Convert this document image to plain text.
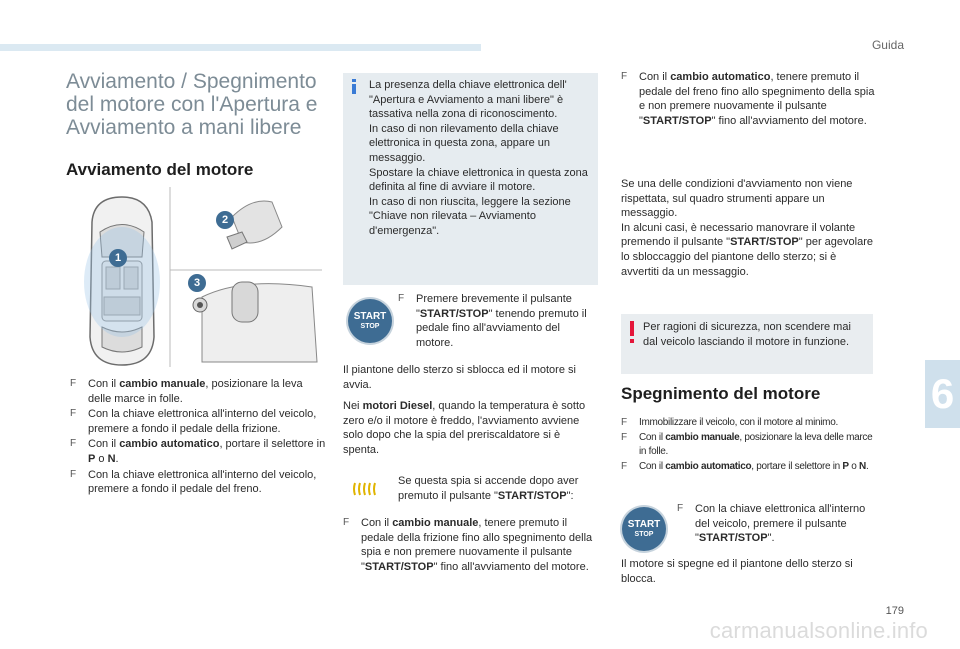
Guida
Avviamento / Spegnimento del motore con l'Apertura e Avviamento a mani libere
Avviamento del motore
1
2
3
F Con il cambio manuale, posizionare la leva delle marce in folle.
F Con la chiave elettronica all'interno del veicolo, premere a fondo il pedale della frizione.
F Con il cambio automatico, portare il selettore in P o N.
F Con la chiave elettronica all'interno del veicolo, premere a fondo il pedale del freno.
La presenza della chiave elettronica dell' "Apertura e Avviamento a mani libere" è tassativa nella zona di riconoscimento.
In caso di non rilevamento della chiave elettronica in questa zona, appare un messaggio.
Spostare la chiave elettronica in questa zona definita al fine di avviare il motore.
In caso di non riuscita, leggere la sezione "Chiave non rilevata – Avviamento d'emergenza".
START
STOP
F Premere brevemente il pulsante "START/STOP" tenendo premuto il pedale fino all'avviamento del motore.
Il piantone dello sterzo si sblocca ed il motore si avvia.
Nei motori Diesel, quando la temperatura è sotto zero e/o il motore è freddo, l'avviamento avviene solo dopo che la spia del preriscaldatore si è spenta.
Se questa spia si accende dopo aver premuto il pulsante "START/STOP":
F Con il cambio manuale, tenere premuto il pedale della frizione fino allo spegnimento della spia e non premere nuovamente il pulsante "START/STOP" fino all'avviamento del motore.
F Con il cambio automatico, tenere premuto il pedale del freno fino allo spegnimento della spia e non premere nuovamente il pulsante "START/STOP" fino all'avviamento del motore.
Se una delle condizioni d'avviamento non viene rispettata, sul quadro strumenti appare un messaggio.
In alcuni casi, è necessario manovrare il volante premendo il pulsante "START/STOP" per agevolare lo sbloccaggio del piantone dello sterzo; si è avvertiti da un messaggio.
Per ragioni di sicurezza, non scendere mai dal veicolo lasciando il motore in funzione.
Spegnimento del motore
F Immobilizzare il veicolo, con il motore al minimo.
F Con il cambio manuale, posizionare la leva delle marce in folle.
F Con il cambio automatico, portare il selettore in P o N.
START
STOP
F Con la chiave elettronica all'interno del veicolo, premere il pulsante "START/STOP".
Il motore si spegne ed il piantone dello sterzo si blocca.
6
179
carmanualsonline.info
